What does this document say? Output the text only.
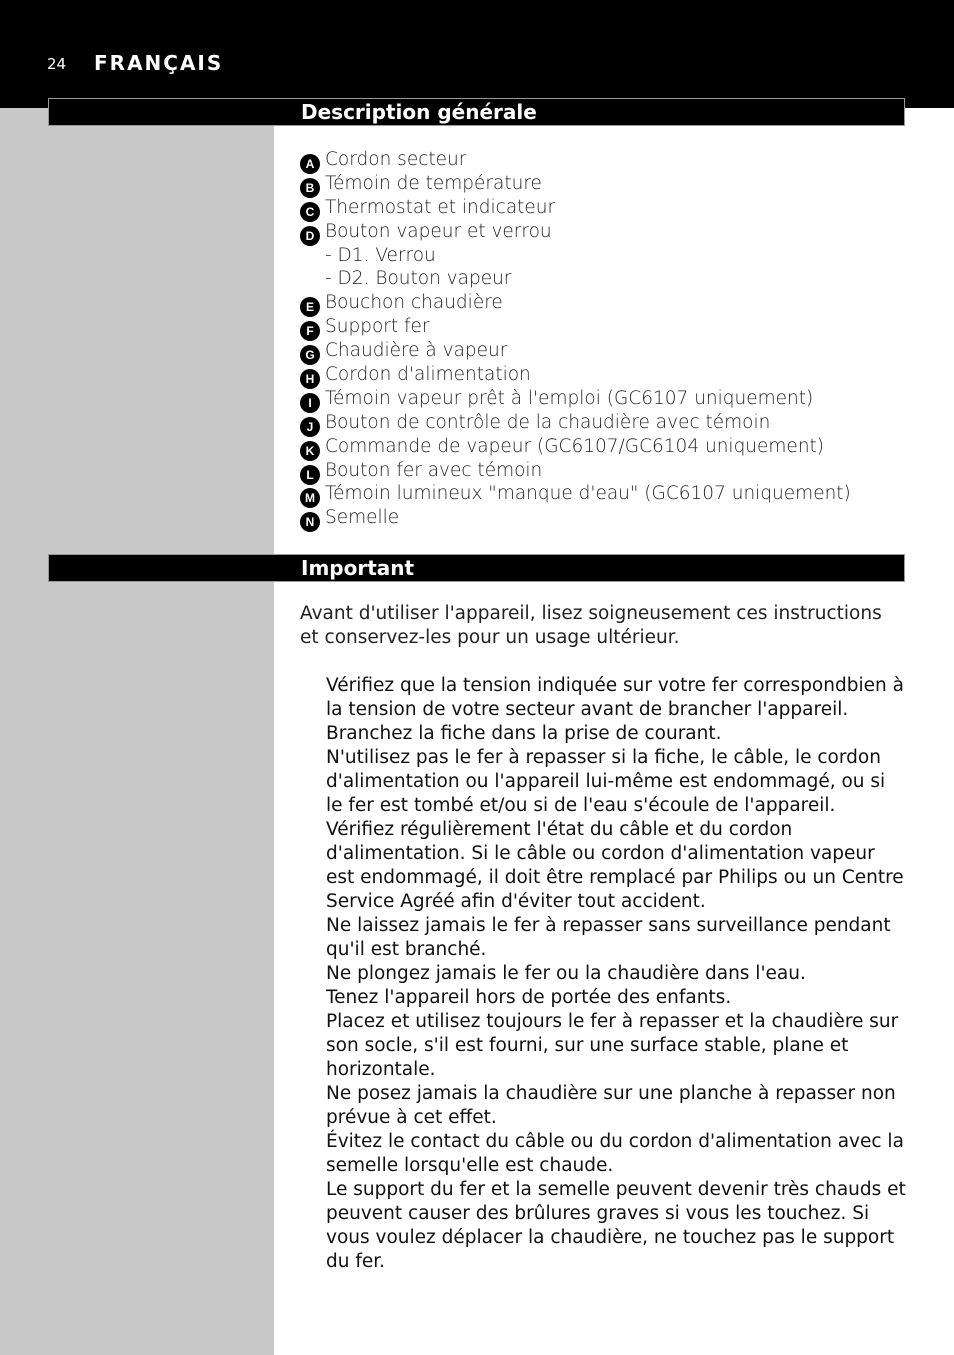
24 FRANÇAIS
Description générale
A Cordon secteur
B Témoin de température
C Thermostat et indicateur
D Bouton vapeur et verrou
- D1. Verrou
- D2. Bouton vapeur
E Bouchon chaudière
F Support fer
G Chaudière à vapeur
H Cordon d'alimentation
I Témoin vapeur prêt à l'emploi (GC6107 uniquement)
J Bouton de contrôle de la chaudière avec témoin
K Commande de vapeur (GC6107/GC6104 uniquement)
L Bouton fer avec témoin
M Témoin lumineux "manque d'eau" (GC6107 uniquement)
N Semelle
Important

Avant d'utiliser l'appareil, lisez soigneusement ces instructions et conservez-les pour un usage ultérieur.

Vérifiez que la tension indiquée sur votre fer correspondbien à la tension de votre secteur avant de brancher l'appareil.
Branchez la fiche dans la prise de courant.
N'utilisez pas le fer à repasser si la fiche, le câble, le cordon d'alimentation ou l'appareil lui-même est endommagé, ou si le fer est tombé et/ou si de l'eau s'écoule de l'appareil.
Vérifiez régulièrement l'état du câble et du cordon d'alimentation. Si le câble ou cordon d'alimentation vapeur est endommagé, il doit être remplacé par Philips ou un Centre Service Agréé afin d'éviter tout accident.
Ne laissez jamais le fer à repasser sans surveillance pendant qu'il est branché.
Ne plongez jamais le fer ou la chaudière dans l'eau.
Tenez l'appareil hors de portée des enfants.
Placez et utilisez toujours le fer à repasser et la chaudière sur son socle, s'il est fourni, sur une surface stable, plane et horizontale.
Ne posez jamais la chaudière sur une planche à repasser non prévue à cet effet.
Évitez le contact du câble ou du cordon d'alimentation avec la semelle lorsqu'elle est chaude.
Le support du fer et la semelle peuvent devenir très chauds et peuvent causer des brûlures graves si vous les touchez. Si vous voulez déplacer la chaudière, ne touchez pas le support du fer.
